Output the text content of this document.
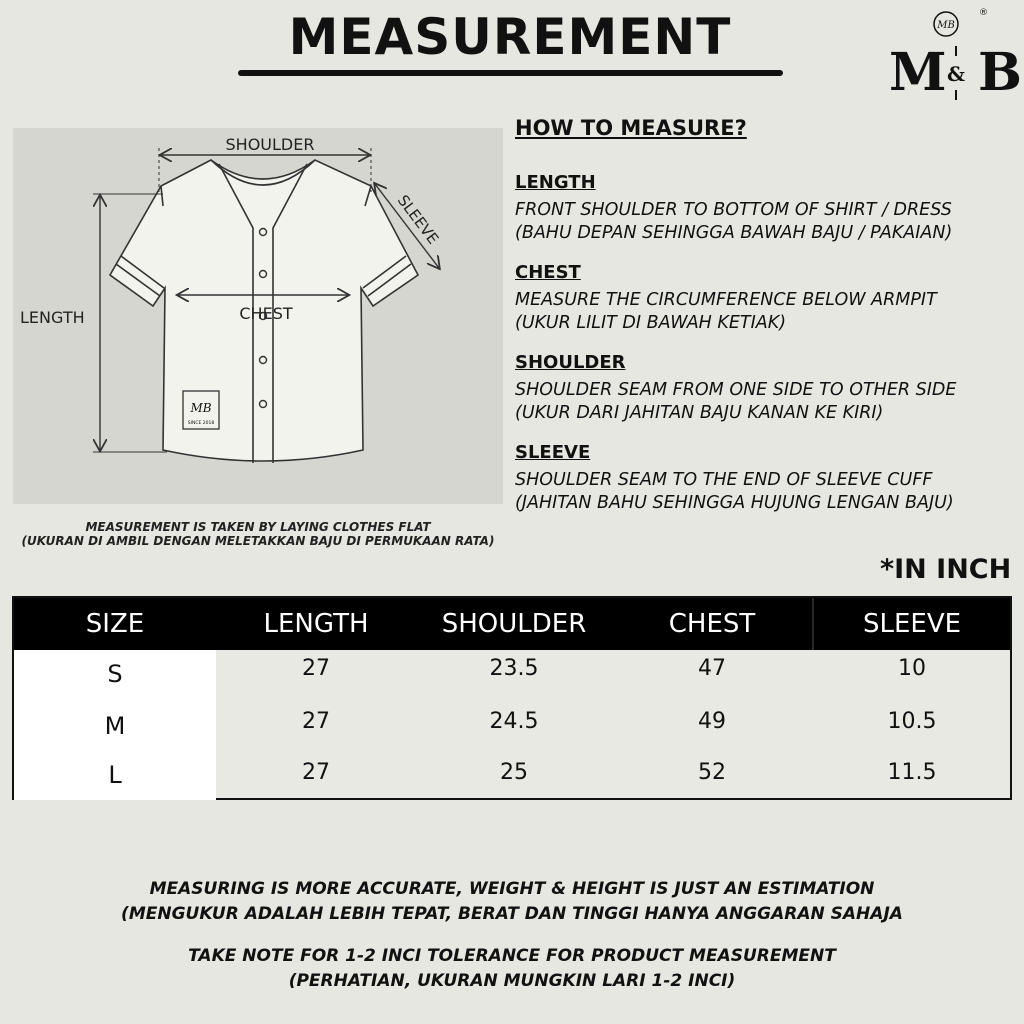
MEASUREMENT	MB
®
M & B
MB
SINCE 2018
SHOULDER
SLEEVE
LENGTH	CHEST
MEASUREMENT IS TAKEN BY LAYING CLOTHES FLAT
(UKURAN DI AMBIL DENGAN MELETAKKAN BAJU DI PERMUKAAN RATA)
HOW TO MEASURE?
LENGTH
FRONT SHOULDER TO BOTTOM OF SHIRT / DRESS
(BAHU DEPAN SEHINGGA BAWAH BAJU / PAKAIAN)
CHEST
MEASURE THE CIRCUMFERENCE BELOW ARMPIT
(UKUR LILIT DI BAWAH KETIAK)
SHOULDER
SHOULDER SEAM FROM ONE SIDE TO OTHER SIDE
(UKUR DARI JAHITAN BAJU KANAN KE KIRI)
SLEEVE
SHOULDER SEAM TO THE END OF SLEEVE CUFF
(JAHITAN BAHU SEHINGGA HUJUNG LENGAN BAJU)
*IN INCH
SIZE	LENGTH	SHOULDER	CHEST	SLEEVE
S	27	23.5	47	10
M	27	24.5	49	10.5
L	27	25	52	11.5
MEASURING IS MORE ACCURATE, WEIGHT & HEIGHT IS JUST AN ESTIMATION
(MENGUKUR ADALAH LEBIH TEPAT, BERAT DAN TINGGI HANYA ANGGARAN SAHAJA
TAKE NOTE FOR 1-2 INCI TOLERANCE FOR PRODUCT MEASUREMENT
(PERHATIAN, UKURAN MUNGKIN LARI 1-2 INCI)
